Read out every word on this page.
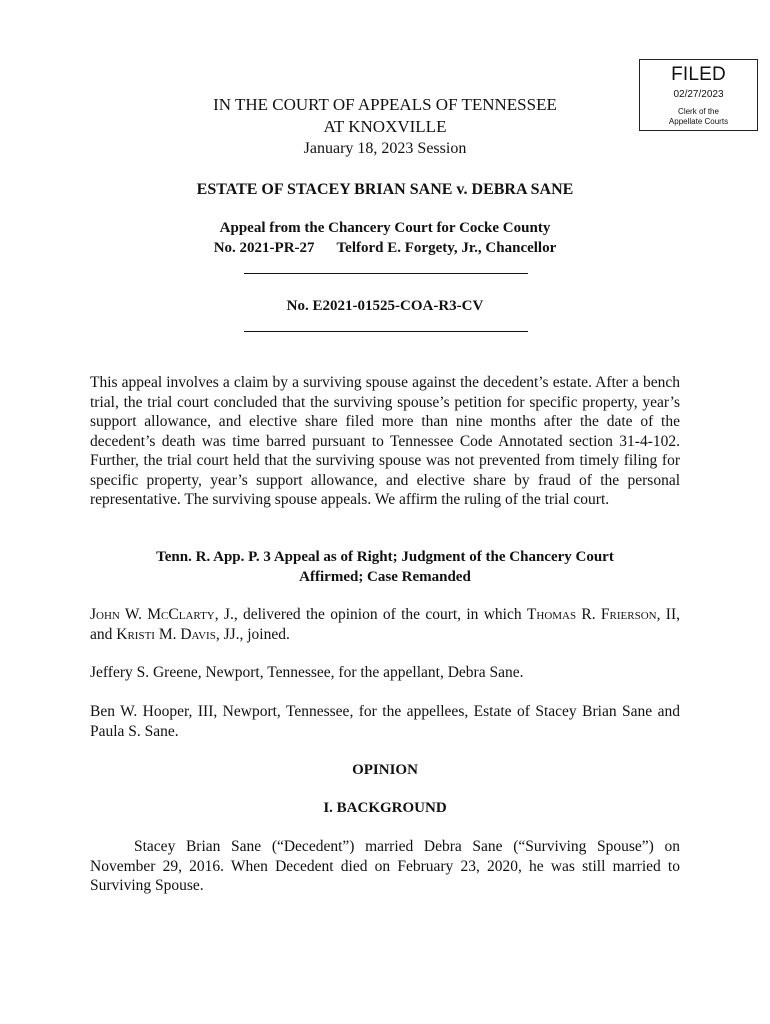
FILED
02/27/2023
Clerk of the
Appellate Courts
IN THE COURT OF APPEALS OF TENNESSEE
AT KNOXVILLE
January 18, 2023 Session
ESTATE OF STACEY BRIAN SANE v. DEBRA SANE
Appeal from the Chancery Court for Cocke County
No. 2021-PR-27 Telford E. Forgety, Jr., Chancellor
No. E2021-01525-COA-R3-CV
This appeal involves a claim by a surviving spouse against the decedent’s estate. After a bench trial, the trial court concluded that the surviving spouse’s petition for specific property, year’s support allowance, and elective share filed more than nine months after the date of the decedent’s death was time barred pursuant to Tennessee Code Annotated section 31-4-102. Further, the trial court held that the surviving spouse was not prevented from timely filing for specific property, year’s support allowance, and elective share by fraud of the personal representative. The surviving spouse appeals. We affirm the ruling of the trial court.
Tenn. R. App. P. 3 Appeal as of Right; Judgment of the Chancery Court
Affirmed; Case Remanded
John W. McClarty, J., delivered the opinion of the court, in which Thomas R. Frierson, II, and Kristi M. Davis, JJ., joined.
Jeffery S. Greene, Newport, Tennessee, for the appellant, Debra Sane.
Ben W. Hooper, III, Newport, Tennessee, for the appellees, Estate of Stacey Brian Sane and Paula S. Sane.
OPINION
I. BACKGROUND
Stacey Brian Sane (“Decedent”) married Debra Sane (“Surviving Spouse”) on November 29, 2016. When Decedent died on February 23, 2020, he was still married to Surviving Spouse.
